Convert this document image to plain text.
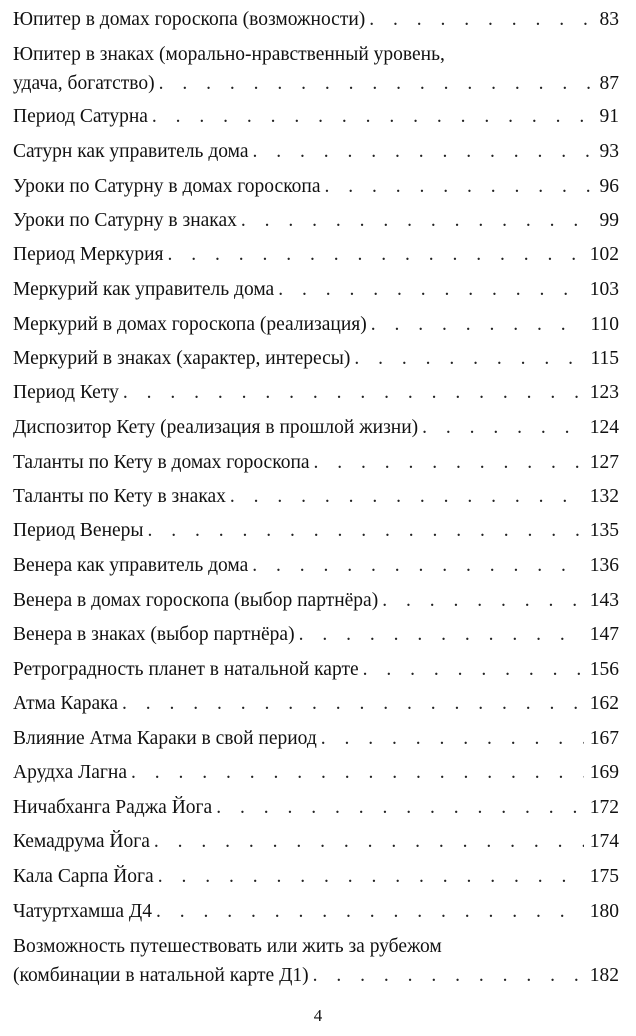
Юпитер в домах гороскопа (возможности) . . .	83
Юпитер в знаках (морально-нравственный уровень,
удача, богатство) . . .	87
Период Сатурна . . .	91
Сатурн как управитель дома . . .	93
Уроки по Сатурну в домах гороскопа . . .	96
Уроки по Сатурну в знаках . . .	99
Период Меркурия . . .	102
Меркурий как управитель дома . . .	103
Меркурий в домах гороскопа (реализация) . . .	110
Меркурий в знаках (характер, интересы) . . .	115
Период Кету . . .	123
Диспозитор Кету (реализация в прошлой жизни) . . .	124
Таланты по Кету в домах гороскопа . . .	127
Таланты по Кету в знаках . . .	132
Период Венеры . . .	135
Венера как управитель дома . . .	136
Венера в домах гороскопа (выбор партнёра) . . .	143
Венера в знаках (выбор партнёра) . . .	147
Ретроградность планет в натальной карте . . .	156
Атма Карака . . .	162
Влияние Атма Караки в свой период . . .	167
Арудха Лагна . . .	169
Ничабханга Раджа Йога . . .	172
Кемадрума Йога . . .	174
Кала Сарпа Йога . . .	175
Чатуртхамша Д4 . . .	180
Возможность путешествовать или жить за рубежом
(комбинации в натальной карте Д1) . . .	182
4
